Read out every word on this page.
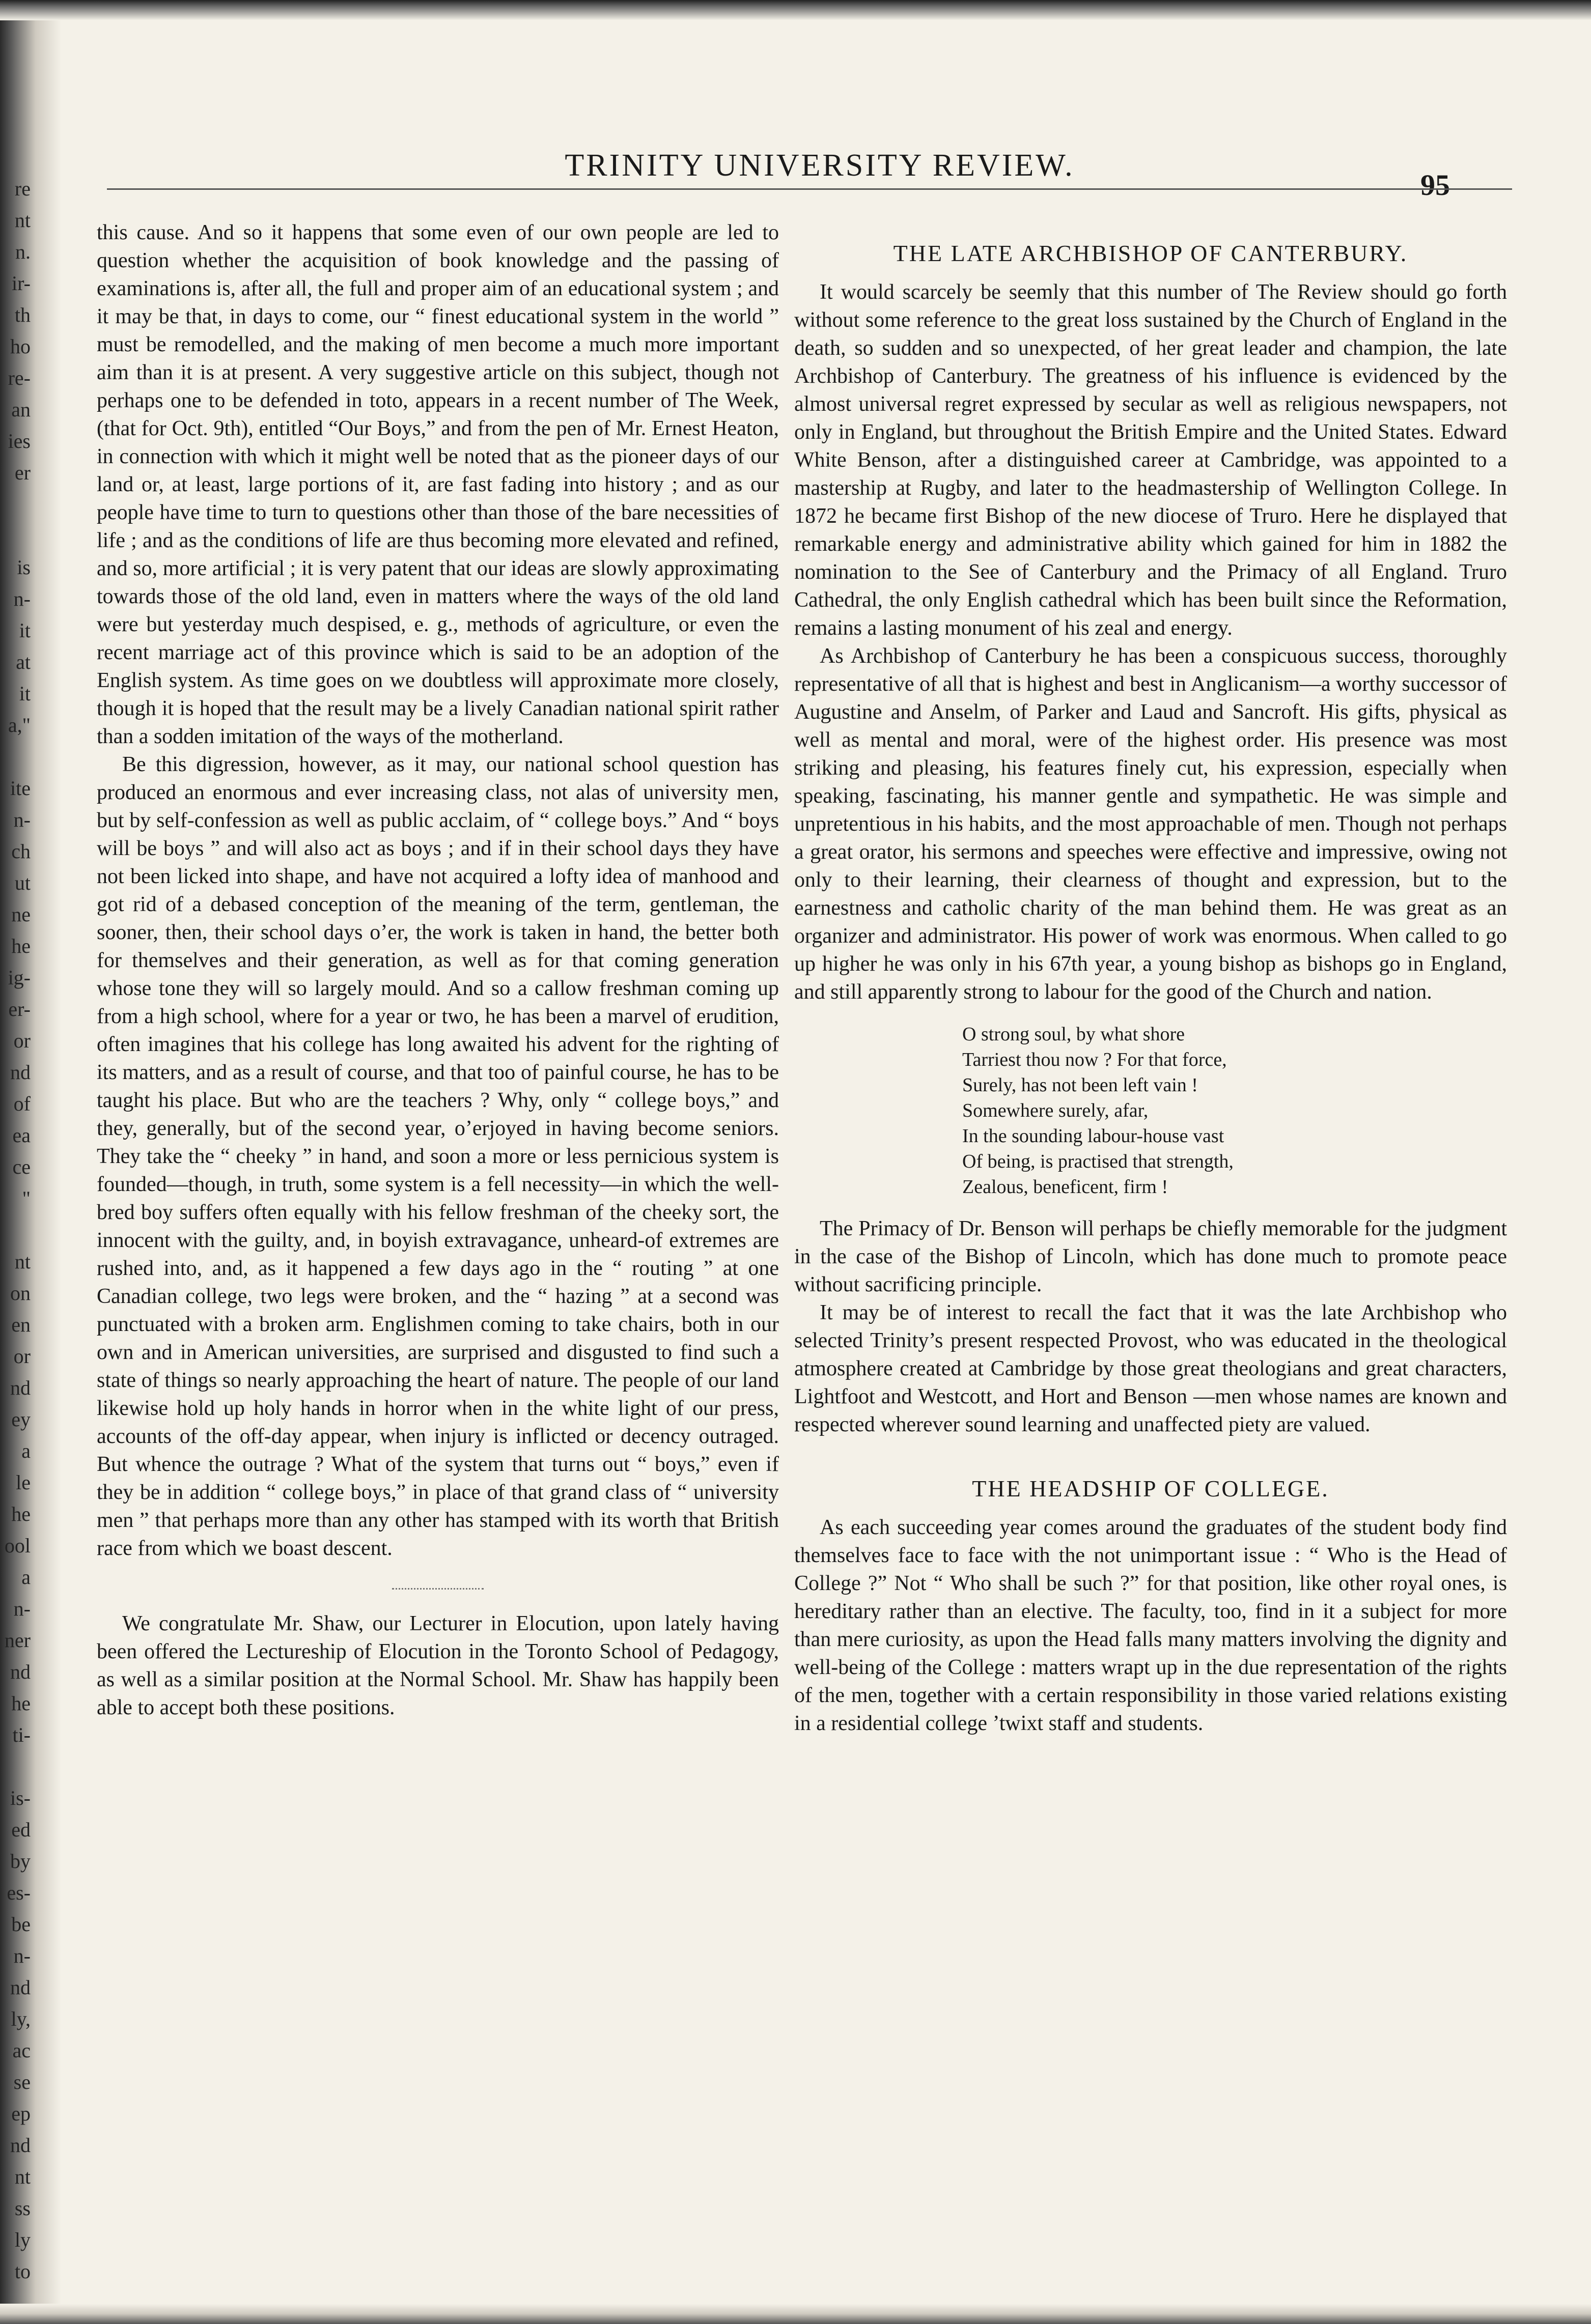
re
nt
n.
ir-
th
ho
re-
an
ies
er

is
n-
it
at
it
a,"

ite
n-
ch
ut
ne
he
ig-
er-
or
nd
of
ea
ce
"

nt
on
en
or
nd
ey
a
le
he
ool
a
n-
ner
nd
he
ti-

is-
ed
by
es-
be
n-
nd
ly,
ac
se
ep
nd
nt
ss
ly
to
TRINITY UNIVERSITY REVIEW.
95

this cause. And so it happens that some even of our own people are led to question whether the acquisition of book knowledge and the passing of examinations is, after all, the full and proper aim of an educational system ; and it may be that, in days to come, our “ finest educational system in the world ” must be remodelled, and the making of men become a much more important aim than it is at present. A very suggestive article on this subject, though not perhaps one to be defended in toto, appears in a recent number of The Week, (that for Oct. 9th), entitled “Our Boys,” and from the pen of Mr. Ernest Heaton, in connection with which it might well be noted that as the pioneer days of our land or, at least, large portions of it, are fast fading into history ; and as our people have time to turn to questions other than those of the bare necessities of life ; and as the conditions of life are thus becoming more elevated and refined, and so, more artificial ; it is very patent that our ideas are slowly approximating towards those of the old land, even in matters where the ways of the old land were but yesterday much despised, e. g., methods of agriculture, or even the recent marriage act of this province which is said to be an adoption of the English system. As time goes on we doubtless will approximate more closely, though it is hoped that the result may be a lively Canadian national spirit rather than a sodden imitation of the ways of the motherland.

Be this digression, however, as it may, our national school question has produced an enormous and ever increasing class, not alas of university men, but by self-confession as well as public acclaim, of “ college boys.” And “ boys will be boys ” and will also act as boys ; and if in their school days they have not been licked into shape, and have not acquired a lofty idea of manhood and got rid of a debased conception of the meaning of the term, gentleman, the sooner, then, their school days o’er, the work is taken in hand, the better both for themselves and their generation, as well as for that coming generation whose tone they will so largely mould. And so a callow freshman coming up from a high school, where for a year or two, he has been a marvel of erudition, often imagines that his college has long awaited his advent for the righting of its matters, and as a result of course, and that too of painful course, he has to be taught his place. But who are the teachers ? Why, only “ college boys,” and they, generally, but of the second year, o’erjoyed in having become seniors. They take the “ cheeky ” in hand, and soon a more or less pernicious system is founded—though, in truth, some system is a fell necessity—in which the well-bred boy suffers often equally with his fellow freshman of the cheeky sort, the innocent with the guilty, and, in boyish extravagance, unheard-of extremes are rushed into, and, as it happened a few days ago in the “ routing ” at one Canadian college, two legs were broken, and the “ hazing ” at a second was punctuated with a broken arm. Englishmen coming to take chairs, both in our own and in American universities, are surprised and disgusted to find such a state of things so nearly approaching the heart of nature. The people of our land likewise hold up holy hands in horror when in the white light of our press, accounts of the off-day appear, when injury is inflicted or decency outraged. But whence the outrage ? What of the system that turns out “ boys,” even if they be in addition “ college boys,” in place of that grand class of “ university men ” that perhaps more than any other has stamped with its worth that British race from which we boast descent.

We congratulate Mr. Shaw, our Lecturer in Elocution, upon lately having been offered the Lectureship of Elocution in the Toronto School of Pedagogy, as well as a similar position at the Normal School. Mr. Shaw has happily been able to accept both these positions.

THE LATE ARCHBISHOP OF CANTERBURY.

It would scarcely be seemly that this number of The Review should go forth without some reference to the great loss sustained by the Church of England in the death, so sudden and so unexpected, of her great leader and champion, the late Archbishop of Canterbury. The greatness of his influence is evidenced by the almost universal regret expressed by secular as well as religious newspapers, not only in England, but throughout the British Empire and the United States. Edward White Benson, after a distinguished career at Cambridge, was appointed to a mastership at Rugby, and later to the headmastership of Wellington College. In 1872 he became first Bishop of the new diocese of Truro. Here he displayed that remarkable energy and administrative ability which gained for him in 1882 the nomination to the See of Canterbury and the Primacy of all England. Truro Cathedral, the only English cathedral which has been built since the Reformation, remains a lasting monument of his zeal and energy.

As Archbishop of Canterbury he has been a conspicuous success, thoroughly representative of all that is highest and best in Anglicanism—a worthy successor of Augustine and Anselm, of Parker and Laud and Sancroft. His gifts, physical as well as mental and moral, were of the highest order. His presence was most striking and pleasing, his features finely cut, his expression, especially when speaking, fascinating, his manner gentle and sympathetic. He was simple and unpretentious in his habits, and the most approachable of men. Though not perhaps a great orator, his sermons and speeches were effective and impressive, owing not only to their learning, their clearness of thought and expression, but to the earnestness and catholic charity of the man behind them. He was great as an organizer and administrator. His power of work was enormous. When called to go up higher he was only in his 67th year, a young bishop as bishops go in England, and still apparently strong to labour for the good of the Church and nation.

O strong soul, by what shore
Tarriest thou now ? For that force,
Surely, has not been left vain !
Somewhere surely, afar,
In the sounding labour-house vast
Of being, is practised that strength,
Zealous, beneficent, firm !

The Primacy of Dr. Benson will perhaps be chiefly memorable for the judgment in the case of the Bishop of Lincoln, which has done much to promote peace without sacrificing principle.

It may be of interest to recall the fact that it was the late Archbishop who selected Trinity’s present respected Provost, who was educated in the theological atmosphere created at Cambridge by those great theologians and great characters, Lightfoot and Westcott, and Hort and Benson —men whose names are known and respected wherever sound learning and unaffected piety are valued.

THE HEADSHIP OF COLLEGE.

As each succeeding year comes around the graduates of the student body find themselves face to face with the not unimportant issue : “ Who is the Head of College ?” Not “ Who shall be such ?” for that position, like other royal ones, is hereditary rather than an elective. The faculty, too, find in it a subject for more than mere curiosity, as upon the Head falls many matters involving the dignity and well-being of the College : matters wrapt up in the due representation of the rights of the men, together with a certain responsibility in those varied relations existing in a residential college ’twixt staff and students.
